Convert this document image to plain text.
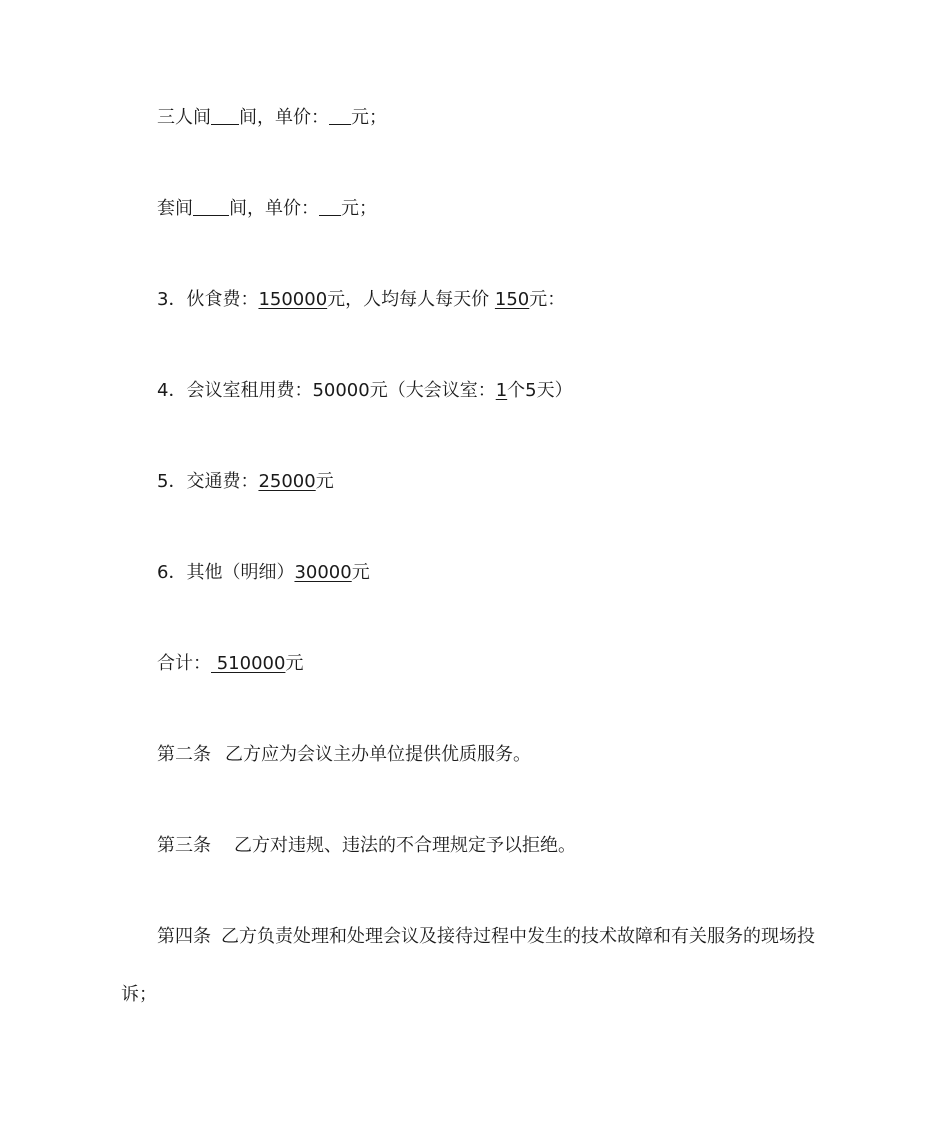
三人间 间，单价： 元；
套间 间，单价： 元；
3．伙食费：150000元，人均每人每天价 150元：
4．会议室租用费：50000元（大会议室：1个5天）
5．交通费：25000元
6．其他（明细）30000元
合计： 510000元
第二条 乙方应为会议主办单位提供优质服务。
第三条 乙方对违规、违法的不合理规定予以拒绝。
第四条 乙方负责处理和处理会议及接待过程中发生的技术故障和有关服务的现场投
诉；
